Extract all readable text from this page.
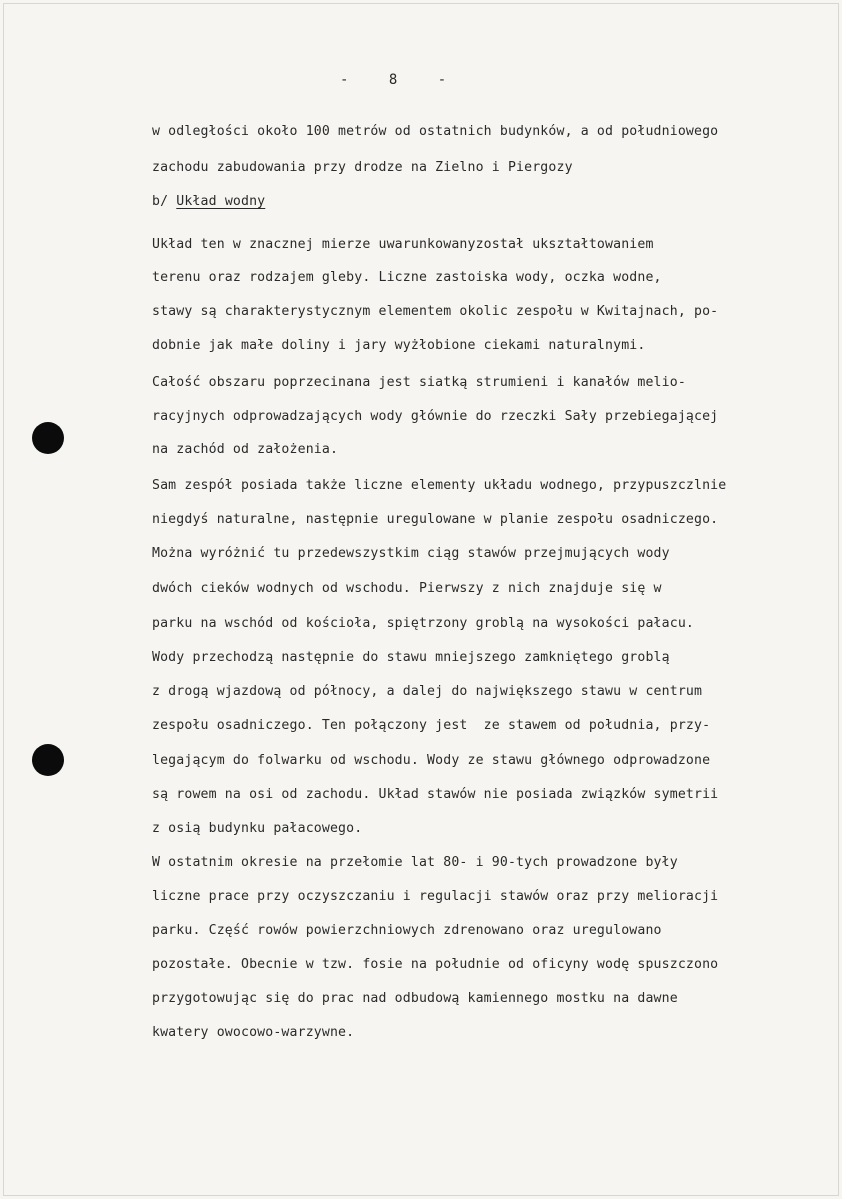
- 8 -
w odległości około 100 metrów od ostatnich budynków, a od południowego
zachodu zabudowania przy drodze na Zielno i Piergozy
b/ Układ wodny
Układ ten w znacznej mierze uwarunkowanyzostał ukształtowaniem
terenu oraz rodzajem gleby. Liczne zastoiska wody, oczka wodne,
stawy są charakterystycznym elementem okolic zespołu w Kwitajnach, po-
dobnie jak małe doliny i jary wyżłobione ciekami naturalnymi.
Całość obszaru poprzecinana jest siatką strumieni i kanałów melio-
racyjnych odprowadzających wody głównie do rzeczki Sały przebiegającej
na zachód od założenia.
Sam zespół posiada także liczne elementy układu wodnego, przypuszczlnie
niegdyś naturalne, następnie uregulowane w planie zespołu osadniczego.
Można wyróżnić tu przedewszystkim ciąg stawów przejmujących wody
dwóch cieków wodnych od wschodu. Pierwszy z nich znajduje się w
parku na wschód od kościoła, spiętrzony groblą na wysokości pałacu.
Wody przechodzą następnie do stawu mniejszego zamkniętego groblą
z drogą wjazdową od północy, a dalej do największego stawu w centrum
zespołu osadniczego. Ten połączony jest  ze stawem od południa, przy-
legającym do folwarku od wschodu. Wody ze stawu głównego odprowadzone
są rowem na osi od zachodu. Układ stawów nie posiada związków symetrii
z osią budynku pałacowego.
W ostatnim okresie na przełomie lat 80- i 90-tych prowadzone były
liczne prace przy oczyszczaniu i regulacji stawów oraz przy melioracji
parku. Część rowów powierzchniowych zdrenowano oraz uregulowano
pozostałe. Obecnie w tzw. fosie na południe od oficyny wodę spuszczono
przygotowując się do prac nad odbudową kamiennego mostku na dawne
kwatery owocowo-warzywne.
